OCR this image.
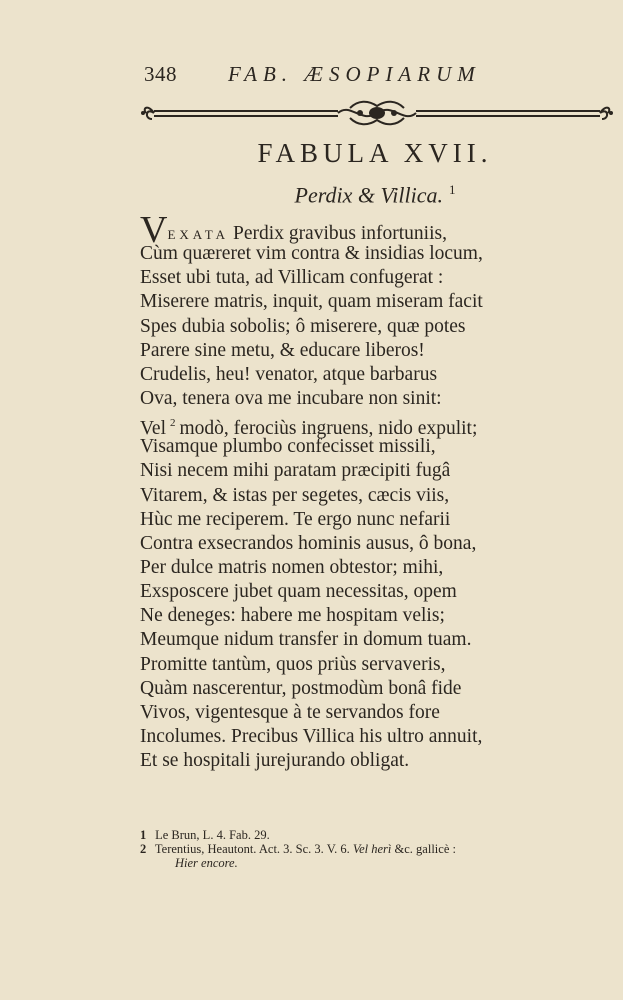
348 FAB. ÆSOPIARUM
FABULA XVII.
Perdix & Villica. $^1$
VEXATA Perdix gravibus infortuniis,
Cùm quæreret vim contra & insidias locum,
Esset ubi tuta, ad Villicam confugerat :
Miserere matris, inquit, quam miseram facit
Spes dubia sobolis; ô miserere, quæ potes
Parere sine metu, & educare liberos!
Crudelis, heu! venator, atque barbarus
Ova, tenera ova me incubare non sinit:
Vel $^2$ modò, ferociùs ingruens, nido expulit;
Visamque plumbo confecisset missili,
Nisi necem mihi paratam præcipiti fugâ
Vitarem, & istas per segetes, cæcis viis,
Hùc me reciperem. Te ergo nunc nefarii
Contra exsecrandos hominis ausus, ô bona,
Per dulce matris nomen obtestor; mihi,
Exsposcere jubet quam necessitas, opem
Ne deneges: habere me hospitam velis;
Meumque nidum transfer in domum tuam.
Promitte tantùm, quos priùs servaveris,
Quàm nascerentur, postmodùm bonâ fide
Vivos, vigentesque à te servandos fore
Incolumes. Precibus Villica his ultro annuit,
Et se hospitali jurejurando obligat.
1 Le Brun, L. 4. Fab. 29.
2 Terentius, Heautont. Act. 3. Sc. 3. V. 6. Vel herì &c. gallicè :
Hier encore.
